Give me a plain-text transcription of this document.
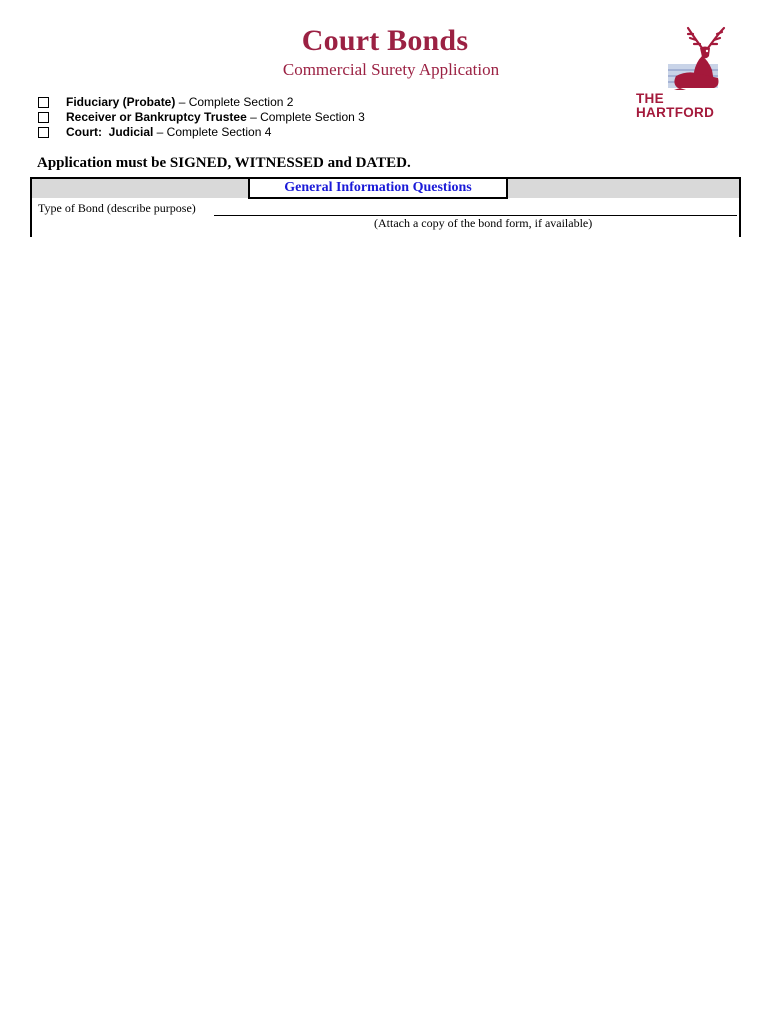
Court Bonds
Commercial Surety Application
Fiduciary (Probate) – Complete Section 2
Receiver or Bankruptcy Trustee – Complete Section 3
Court:  Judicial – Complete Section 4
THE
HARTFORD
Application must be SIGNED, WITNESSED and DATED.
General Information Questions
Type of Bond (describe purpose)
(Attach a copy of the bond form, if available)
